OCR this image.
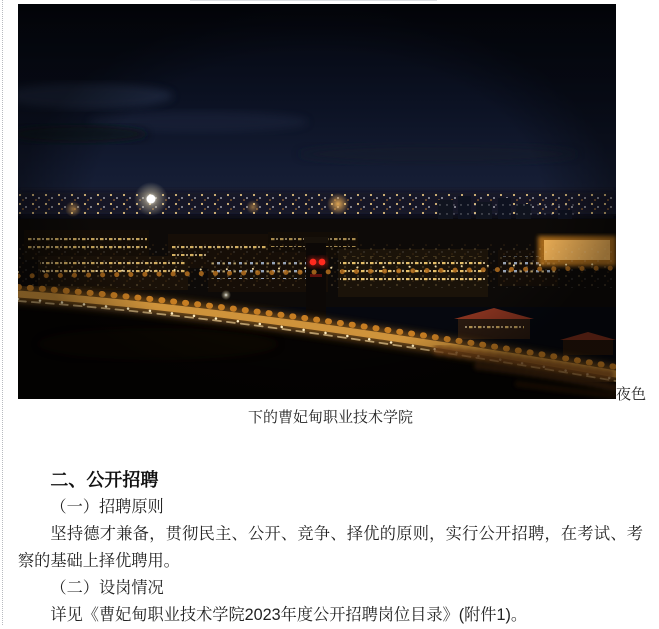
夜色
下的曹妃甸职业技术学院

二、公开招聘

（一）招聘原则

坚持德才兼备，贯彻民主、公开、竞争、择优的原则，实行公开招聘，在考试、考察的基础上择优聘用。

（二）设岗情况

详见《曹妃甸职业技术学院2023年度公开招聘岗位目录》(附件1)。
